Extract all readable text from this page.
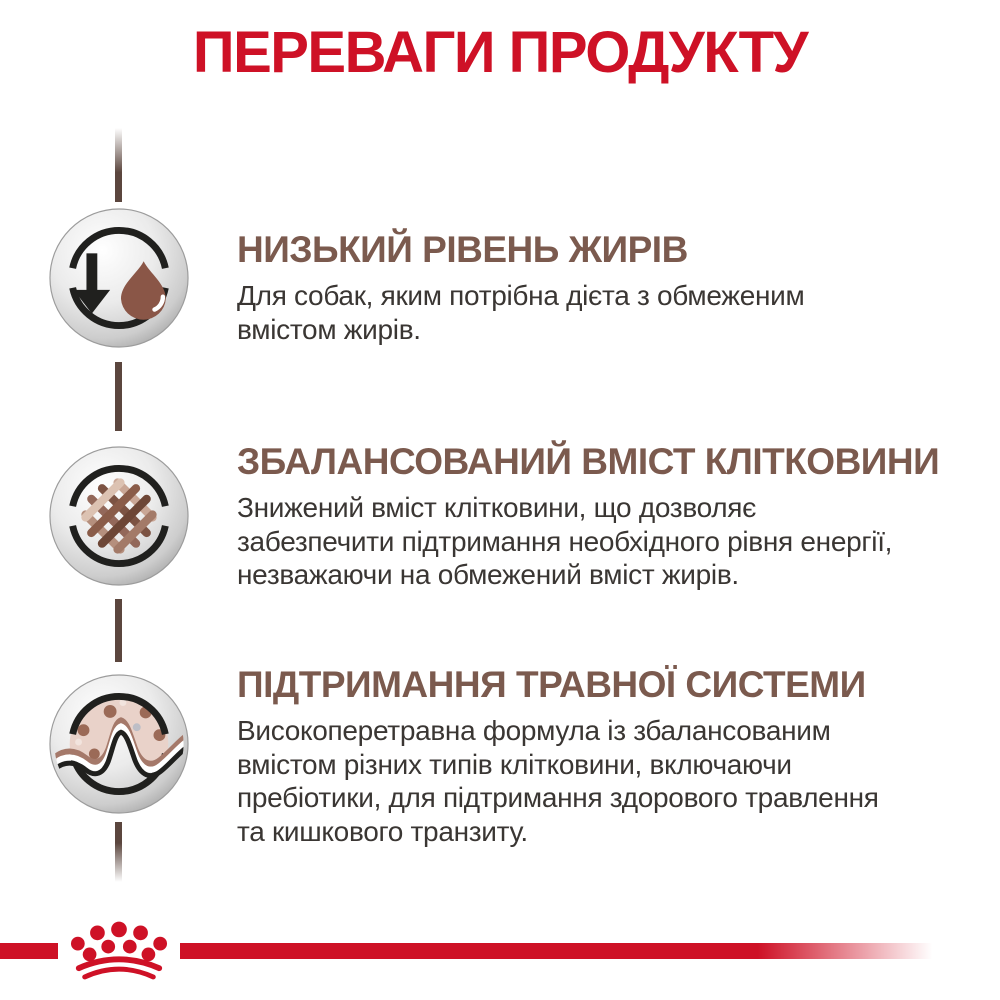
ПЕРЕВАГИ ПРОДУКТУ
НИЗЬКИЙ РІВЕНЬ ЖИРІВ
Для собак, яким потрібна дієта з обмеженим
вмістом жирів.
ЗБАЛАНСОВАНИЙ ВМІСТ КЛІТКОВИНИ
Знижений вміст клітковини, що дозволяє
забезпечити підтримання необхідного рівня енергії,
незважаючи на обмежений вміст жирів.
ПІДТРИМАННЯ ТРАВНОЇ СИСТЕМИ
Високоперетравна формула із збалансованим
вмістом різних типів клітковини, включаючи
пребіотики, для підтримання здорового травлення
та кишкового транзиту.
